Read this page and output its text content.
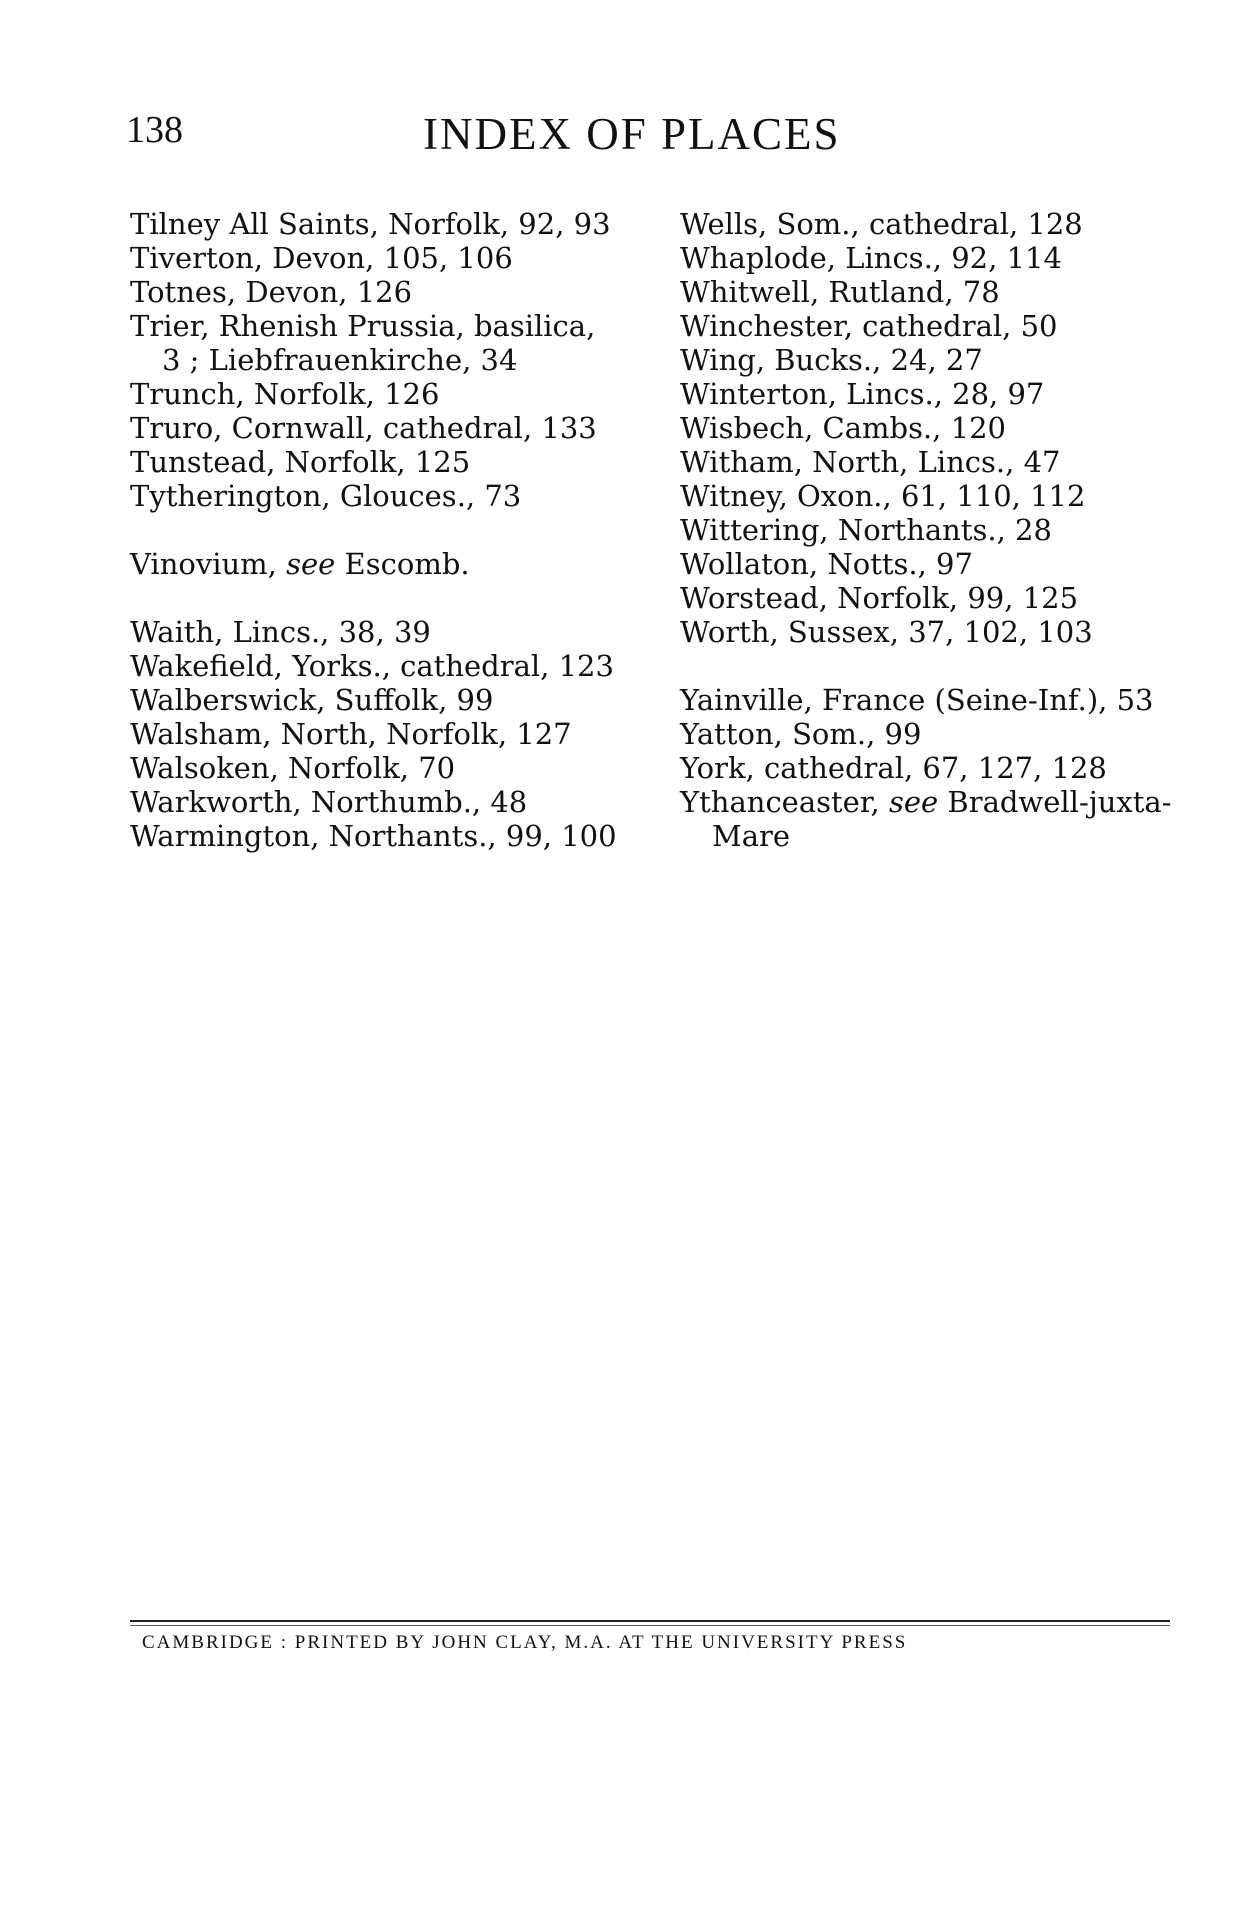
138	INDEX OF PLACES
Tilney All Saints, Norfolk, 92, 93
Tiverton, Devon, 105, 106
Totnes, Devon, 126
Trier, Rhenish Prussia, basilica,
3 ; Liebfrauenkirche, 34
Trunch, Norfolk, 126
Truro, Cornwall, cathedral, 133
Tunstead, Norfolk, 125
Tytherington, Glouces., 73
Vinovium, see Escomb.
Waith, Lincs., 38, 39
Wakefield, Yorks., cathedral, 123
Walberswick, Suffolk, 99
Walsham, North, Norfolk, 127
Walsoken, Norfolk, 70
Warkworth, Northumb., 48
Warmington, Northants., 99, 100
Wells, Som., cathedral, 128
Whaplode, Lincs., 92, 114
Whitwell, Rutland, 78
Winchester, cathedral, 50
Wing, Bucks., 24, 27
Winterton, Lincs., 28, 97
Wisbech, Cambs., 120
Witham, North, Lincs., 47
Witney, Oxon., 61, 110, 112
Wittering, Northants., 28
Wollaton, Notts., 97
Worstead, Norfolk, 99, 125
Worth, Sussex, 37, 102, 103
Yainville, France (Seine-Inf.), 53
Yatton, Som., 99
York, cathedral, 67, 127, 128
Ythanceaster, see Bradwell-juxta-
Mare
CAMBRIDGE : PRINTED BY JOHN CLAY, M.A. AT THE UNIVERSITY PRESS
